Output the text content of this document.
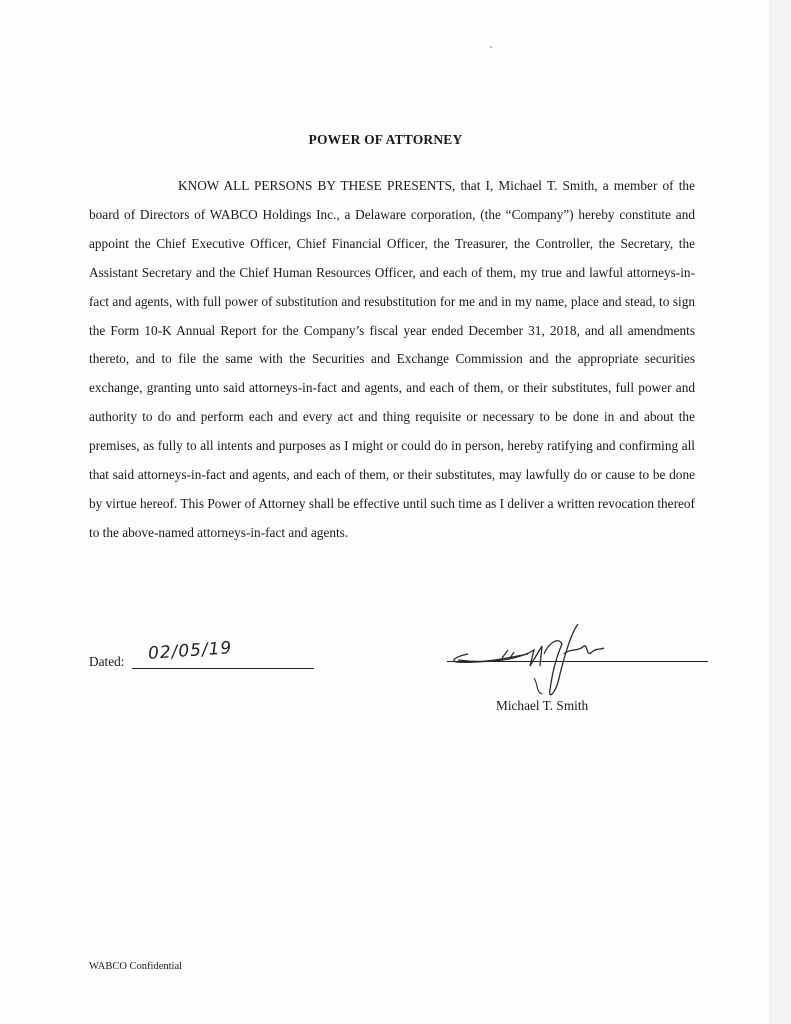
POWER OF ATTORNEY

KNOW ALL PERSONS BY THESE PRESENTS, that I, Michael T. Smith, a member of the board of Directors of WABCO Holdings Inc., a Delaware corporation, (the “Company”) hereby constitute and appoint the Chief Executive Officer, Chief Financial Officer, the Treasurer, the Controller, the Secretary, the Assistant Secretary and the Chief Human Resources Officer, and each of them, my true and lawful attorneys-in-fact and agents, with full power of substitution and resubstitution for me and in my name, place and stead, to sign the Form 10-K Annual Report for the Company’s fiscal year ended December 31, 2018, and all amendments thereto, and to file the same with the Securities and Exchange Commission and the appropriate securities exchange, granting unto said attorneys-in-fact and agents, and each of them, or their substitutes, full power and authority to do and perform each and every act and thing requisite or necessary to be done in and about the premises, as fully to all intents and purposes as I might or could do in person, hereby ratifying and confirming all that said attorneys-in-fact and agents, and each of them, or their substitutes, may lawfully do or cause to be done by virtue hereof. This Power of Attorney shall be effective until such time as I deliver a written revocation thereof to the above-named attorneys-in-fact and agents.

Dated: 02/05/19
Michael T. Smith
WABCO Confidential
